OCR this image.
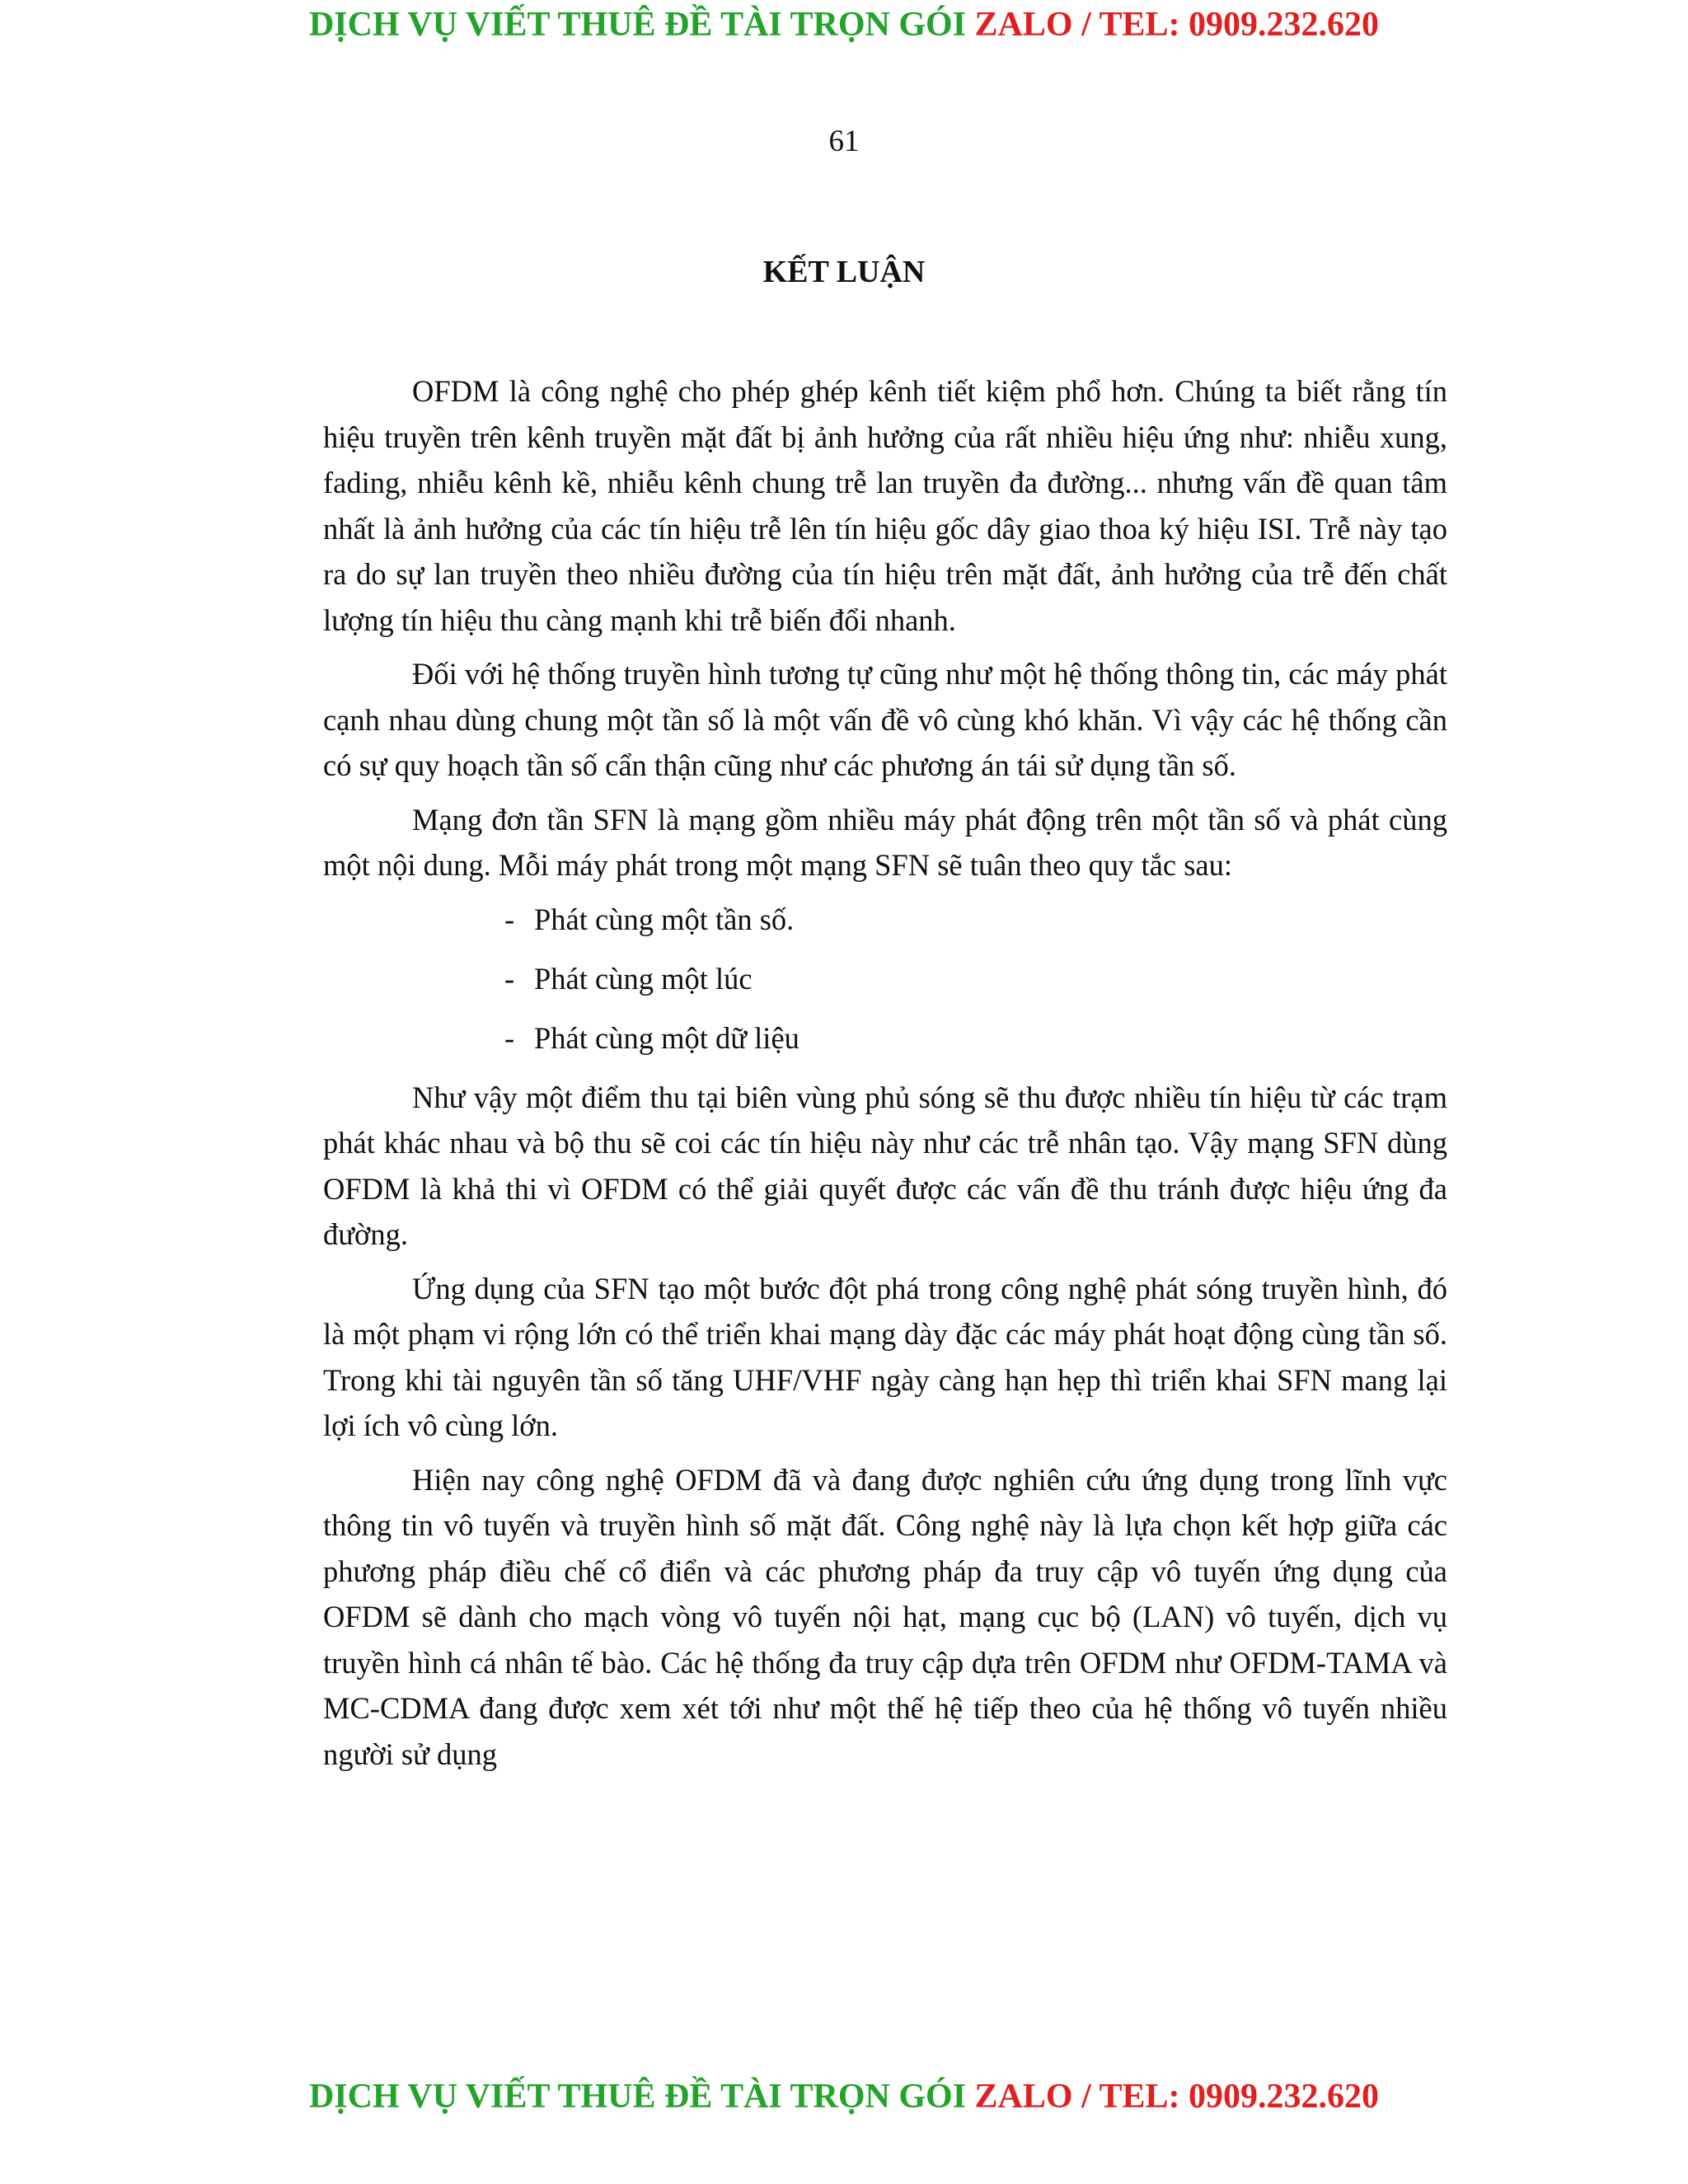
DỊCH VỤ VIẾT THUÊ ĐỀ TÀI TRỌN GÓI ZALO / TEL: 0909.232.620
61
KẾT LUẬN

OFDM là công nghệ cho phép ghép kênh tiết kiệm phổ hơn. Chúng ta biết rằng tín hiệu truyền trên kênh truyền mặt đất bị ảnh hưởng của rất nhiều hiệu ứng như: nhiễu xung, fading, nhiễu kênh kề, nhiễu kênh chung trễ lan truyền đa đường... nhưng vấn đề quan tâm nhất là ảnh hưởng của các tín hiệu trễ lên tín hiệu gốc dây giao thoa ký hiệu ISI. Trễ này tạo ra do sự lan truyền theo nhiều đường của tín hiệu trên mặt đất, ảnh hưởng của trễ đến chất lượng tín hiệu thu càng mạnh khi trễ biến đổi nhanh.

Đối với hệ thống truyền hình tương tự cũng như một hệ thống thông tin, các máy phát cạnh nhau dùng chung một tần số là một vấn đề vô cùng khó khăn. Vì vậy các hệ thống cần có sự quy hoạch tần số cẩn thận cũng như các phương án tái sử dụng tần số.

Mạng đơn tần SFN là mạng gồm nhiều máy phát động trên một tần số và phát cùng một nội dung. Mỗi máy phát trong một mạng SFN sẽ tuân theo quy tắc sau:

- Phát cùng một tần số.
- Phát cùng một lúc
- Phát cùng một dữ liệu

Như vậy một điểm thu tại biên vùng phủ sóng sẽ thu được nhiều tín hiệu từ các trạm phát khác nhau và bộ thu sẽ coi các tín hiệu này như các trễ nhân tạo. Vậy mạng SFN dùng OFDM là khả thi vì OFDM có thể giải quyết được các vấn đề thu tránh được hiệu ứng đa đường.

Ứng dụng của SFN tạo một bước đột phá trong công nghệ phát sóng truyền hình, đó là một phạm vi rộng lớn có thể triển khai mạng dày đặc các máy phát hoạt động cùng tần số. Trong khi tài nguyên tần số tăng UHF/VHF ngày càng hạn hẹp thì triển khai SFN mang lại lợi ích vô cùng lớn.

Hiện nay công nghệ OFDM đã và đang được nghiên cứu ứng dụng trong lĩnh vực thông tin vô tuyến và truyền hình số mặt đất. Công nghệ này là lựa chọn kết hợp giữa các phương pháp điều chế cổ điển và các phương pháp đa truy cập vô tuyến ứng dụng của OFDM sẽ dành cho mạch vòng vô tuyến nội hạt, mạng cục bộ (LAN) vô tuyến, dịch vụ truyền hình cá nhân tế bào. Các hệ thống đa truy cập dựa trên OFDM như OFDM-TAMA và MC-CDMA đang được xem xét tới như một thế hệ tiếp theo của hệ thống vô tuyến nhiều người sử dụng

DỊCH VỤ VIẾT THUÊ ĐỀ TÀI TRỌN GÓI ZALO / TEL: 0909.232.620
